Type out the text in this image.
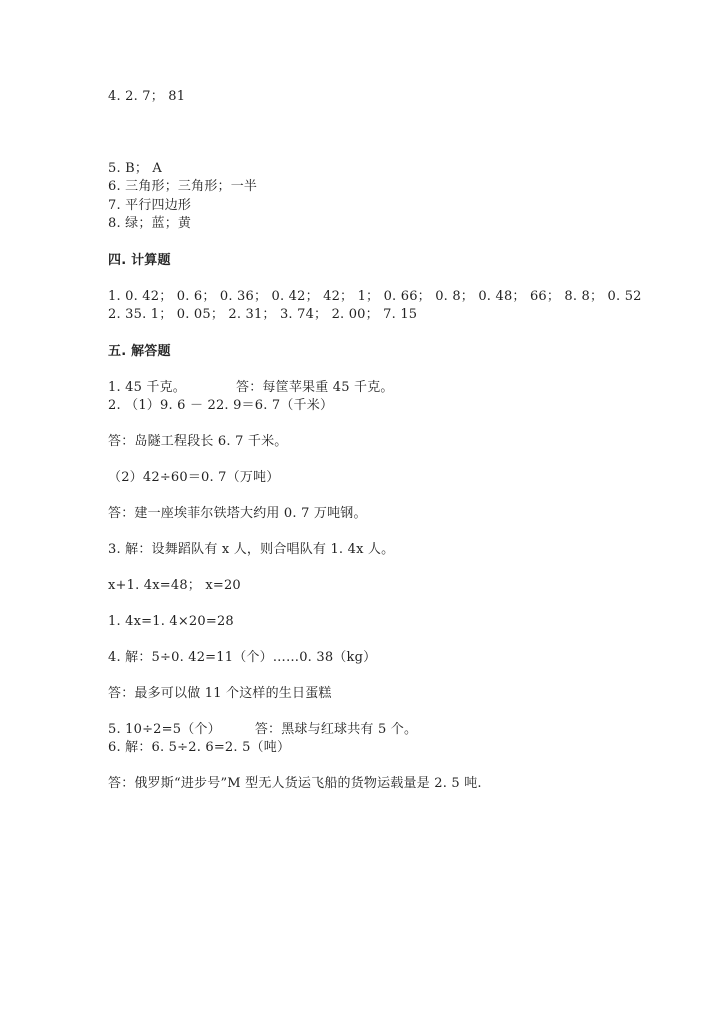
4. 2. 7； 81
5. B； A
6. 三角形；三角形；一半
7. 平行四边形
8. 绿；蓝；黄
四. 计算题
1. 0. 42； 0. 6； 0. 36； 0. 42； 42； 1； 0. 66； 0. 8； 0. 48； 66； 8. 8； 0. 52
2. 35. 1； 0. 05； 2. 31； 3. 74； 2. 00； 7. 15
五. 解答题
1. 45 千克。	答：每筐苹果重 45 千克。
2. （1）9. 6 － 22. 9＝6. 7（千米）
答：岛隧工程段长 6. 7 千米。
（2）42÷60＝0. 7（万吨）
答：建一座埃菲尔铁塔大约用 0. 7 万吨钢。
3. 解：设舞蹈队有 x 人，则合唱队有 1. 4x 人。
x+1. 4x=48； x=20
1. 4x=1. 4×20=28
4. 解：5÷0. 42=11（个）……0. 38（kg）
答：最多可以做 11 个这样的生日蛋糕
5. 10÷2=5（个）	答：黑球与红球共有 5 个。
6. 解：6. 5÷2. 6=2. 5（吨）
答：俄罗斯“进步号”M 型无人货运飞船的货物运载量是 2. 5 吨.
